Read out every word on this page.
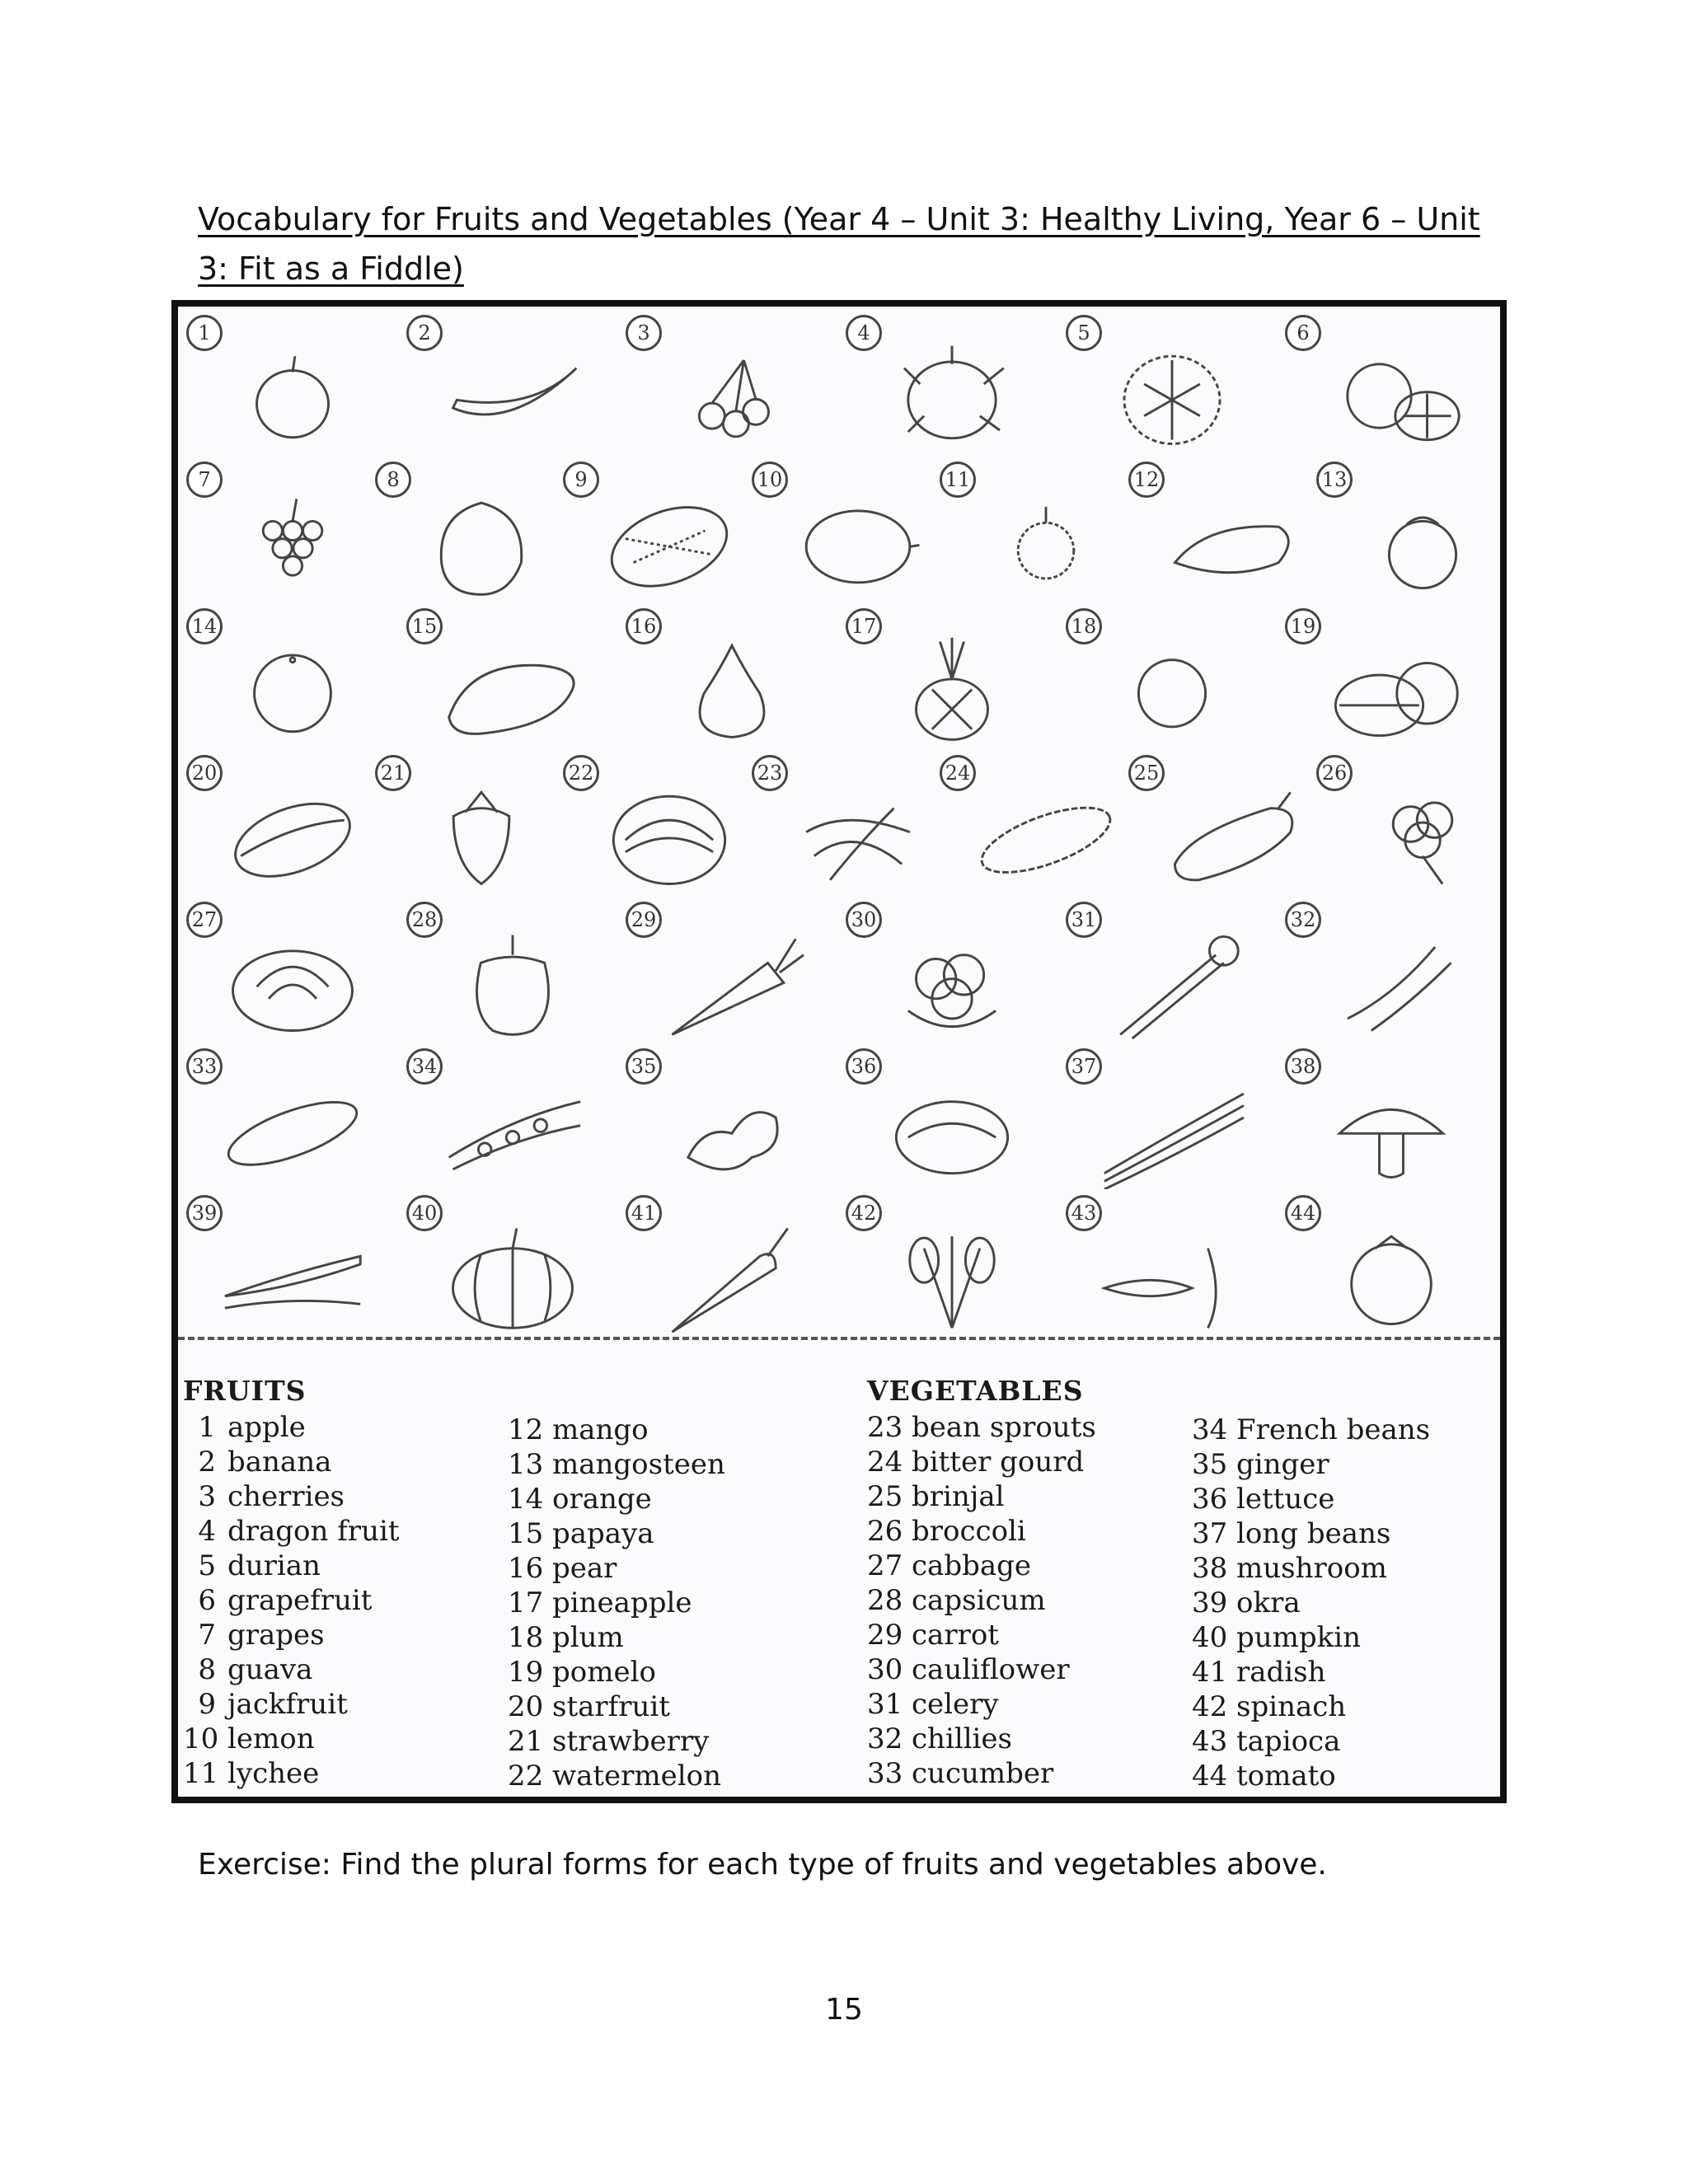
Vocabulary for Fruits and Vegetables (Year 4 – Unit 3: Healthy Living, Year 6 – Unit 3: Fit as a Fiddle)
1	2	3	4	5	6
7	8	9	10	11	12	13
14	15	16	17	18	19
20	21	22	23	24	25	26
27	28	29	30	31	32
33	34	35	36	37	38
39	40	41	42	43	44
FRUITS
1 apple
2 banana
3 cherries
4 dragon fruit
5 durian
6 grapefruit
7 grapes
8 guava
9 jackfruit
10 lemon
11 lychee
12 mango
13 mangosteen
14 orange
15 papaya
16 pear
17 pineapple
18 plum
19 pomelo
20 starfruit
21 strawberry
22 watermelon
VEGETABLES
23 bean sprouts
24 bitter gourd
25 brinjal
26 broccoli
27 cabbage
28 capsicum
29 carrot
30 cauliflower
31 celery
32 chillies
33 cucumber
34 French beans
35 ginger
36 lettuce
37 long beans
38 mushroom
39 okra
40 pumpkin
41 radish
42 spinach
43 tapioca
44 tomato

Exercise: Find the plural forms for each type of fruits and vegetables above.

15
